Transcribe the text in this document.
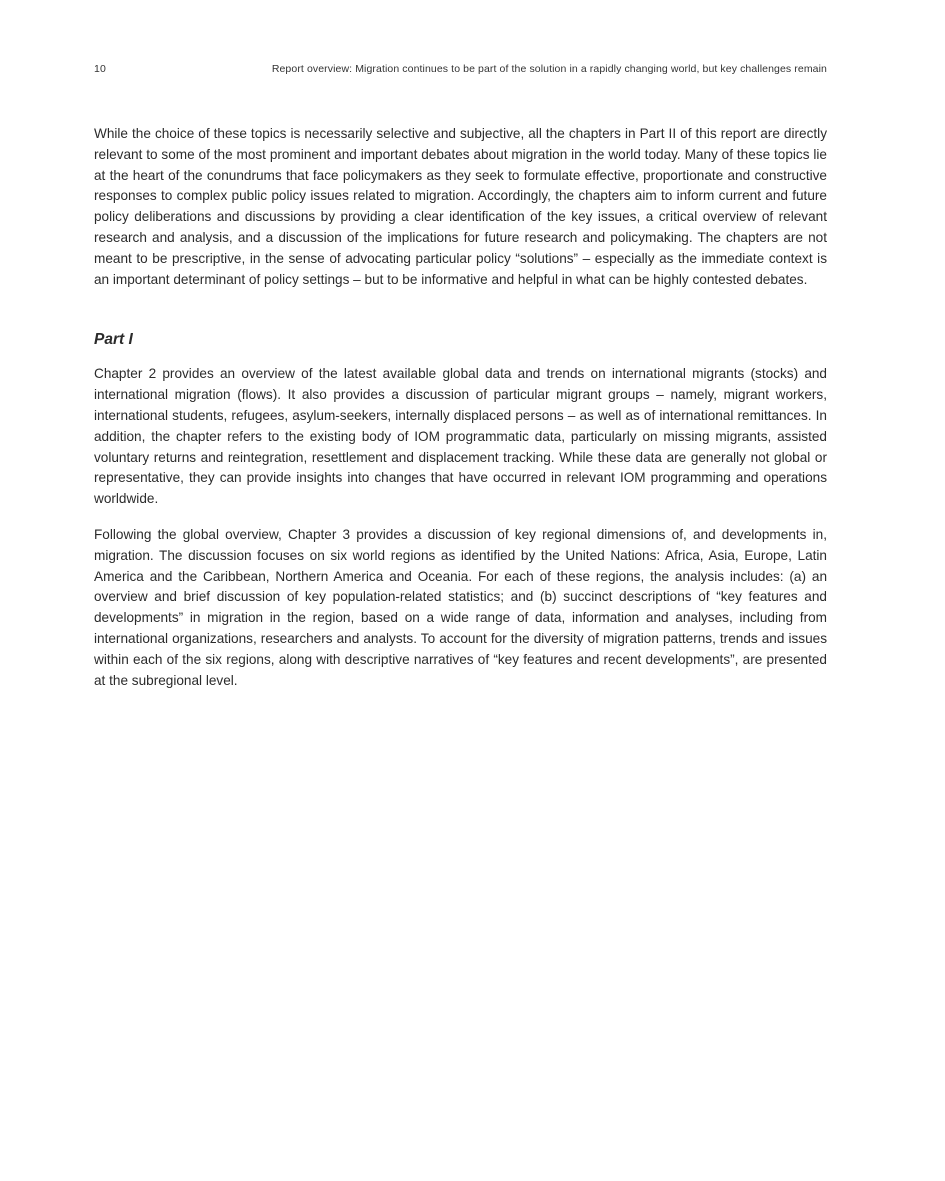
10	Report overview: Migration continues to be part of the solution in a rapidly changing world, but key challenges remain

While the choice of these topics is necessarily selective and subjective, all the chapters in Part II of this report are directly relevant to some of the most prominent and important debates about migration in the world today. Many of these topics lie at the heart of the conundrums that face policymakers as they seek to formulate effective, proportionate and constructive responses to complex public policy issues related to migration. Accordingly, the chapters aim to inform current and future policy deliberations and discussions by providing a clear identification of the key issues, a critical overview of relevant research and analysis, and a discussion of the implications for future research and policymaking. The chapters are not meant to be prescriptive, in the sense of advocating particular policy “solutions” – especially as the immediate context is an important determinant of policy settings – but to be informative and helpful in what can be highly contested debates.

Part I

Chapter 2 provides an overview of the latest available global data and trends on international migrants (stocks) and international migration (flows). It also provides a discussion of particular migrant groups – namely, migrant workers, international students, refugees, asylum-seekers, internally displaced persons – as well as of international remittances. In addition, the chapter refers to the existing body of IOM programmatic data, particularly on missing migrants, assisted voluntary returns and reintegration, resettlement and displacement tracking. While these data are generally not global or representative, they can provide insights into changes that have occurred in relevant IOM programming and operations worldwide.

Following the global overview, Chapter 3 provides a discussion of key regional dimensions of, and developments in, migration. The discussion focuses on six world regions as identified by the United Nations: Africa, Asia, Europe, Latin America and the Caribbean, Northern America and Oceania. For each of these regions, the analysis includes: (a) an overview and brief discussion of key population-related statistics; and (b) succinct descriptions of “key features and developments” in migration in the region, based on a wide range of data, information and analyses, including from international organizations, researchers and analysts. To account for the diversity of migration patterns, trends and issues within each of the six regions, along with descriptive narratives of “key features and recent developments”, are presented at the subregional level.
